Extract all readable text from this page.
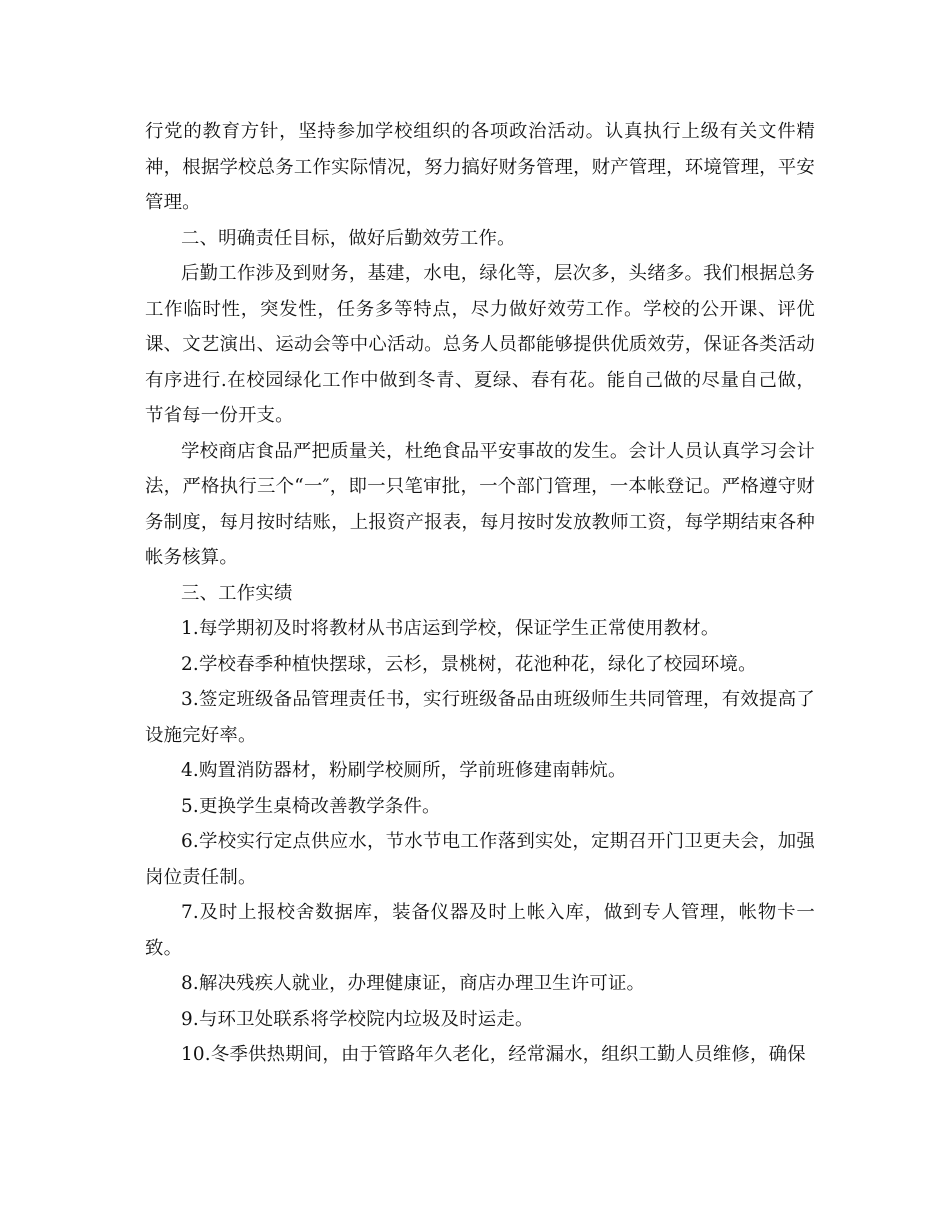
行党的教育方针，坚持参加学校组织的各项政治活动。认真执行上级有关文件精神，根据学校总务工作实际情况，努力搞好财务管理，财产管理，环境管理，平安管理。

二、明确责任目标，做好后勤效劳工作。

后勤工作涉及到财务，基建，水电，绿化等，层次多，头绪多。我们根据总务工作临时性，突发性，任务多等特点，尽力做好效劳工作。学校的公开课、评优课、文艺演出、运动会等中心活动。总务人员都能够提供优质效劳，保证各类活动有序进行.在校园绿化工作中做到冬青、夏绿、春有花。能自己做的尽量自己做，节省每一份开支。

学校商店食品严把质量关，杜绝食品平安事故的发生。会计人员认真学习会计法，严格执行三个“一″，即一只笔审批，一个部门管理，一本帐登记。严格遵守财务制度，每月按时结账，上报资产报表，每月按时发放教师工资，每学期结束各种帐务核算。

三、工作实绩

1.每学期初及时将教材从书店运到学校，保证学生正常使用教材。

2.学校春季种植快摆球，云杉，景桃树，花池种花，绿化了校园环境。

3.签定班级备品管理责任书，实行班级备品由班级师生共同管理，有效提高了设施完好率。

4.购置消防器材，粉刷学校厕所，学前班修建南韩炕。

5.更换学生桌椅改善教学条件。

6.学校实行定点供应水，节水节电工作落到实处，定期召开门卫更夫会，加强岗位责任制。

7.及时上报校舍数据库，装备仪器及时上帐入库，做到专人管理，帐物卡一致。

8.解决残疾人就业，办理健康证，商店办理卫生许可证。

9.与环卫处联系将学校院内垃圾及时运走。

10.冬季供热期间，由于管路年久老化，经常漏水，组织工勤人员维修，确保
